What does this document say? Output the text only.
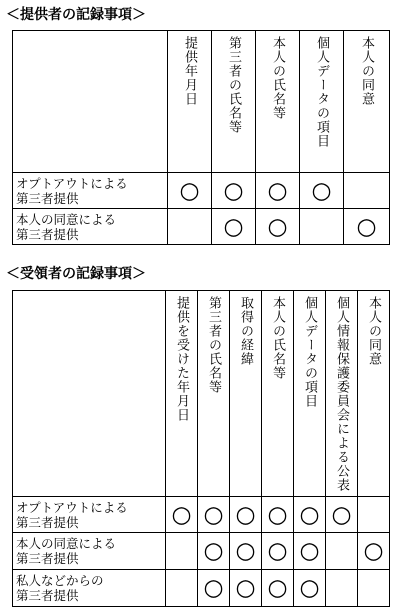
＜提供者の記録事項＞
	提供年月日	第三者の氏名等	本人の氏名等	個人データの項目	本人の同意
オプトアウトによる
第三者提供	○	○	○	○	
本人の同意による
第三者提供		○	○		○
＜受領者の記録事項＞
	提供を受けた年月日	第三者の氏名等	取得の経緯	本人の氏名等	個人データの項目	個人情報保護委員会による公表	本人の同意
オプトアウトによる
第三者提供	○	○	○	○	○	○	
本人の同意による
第三者提供		○	○	○	○		○
私人などからの
第三者提供		○	○	○	○		
